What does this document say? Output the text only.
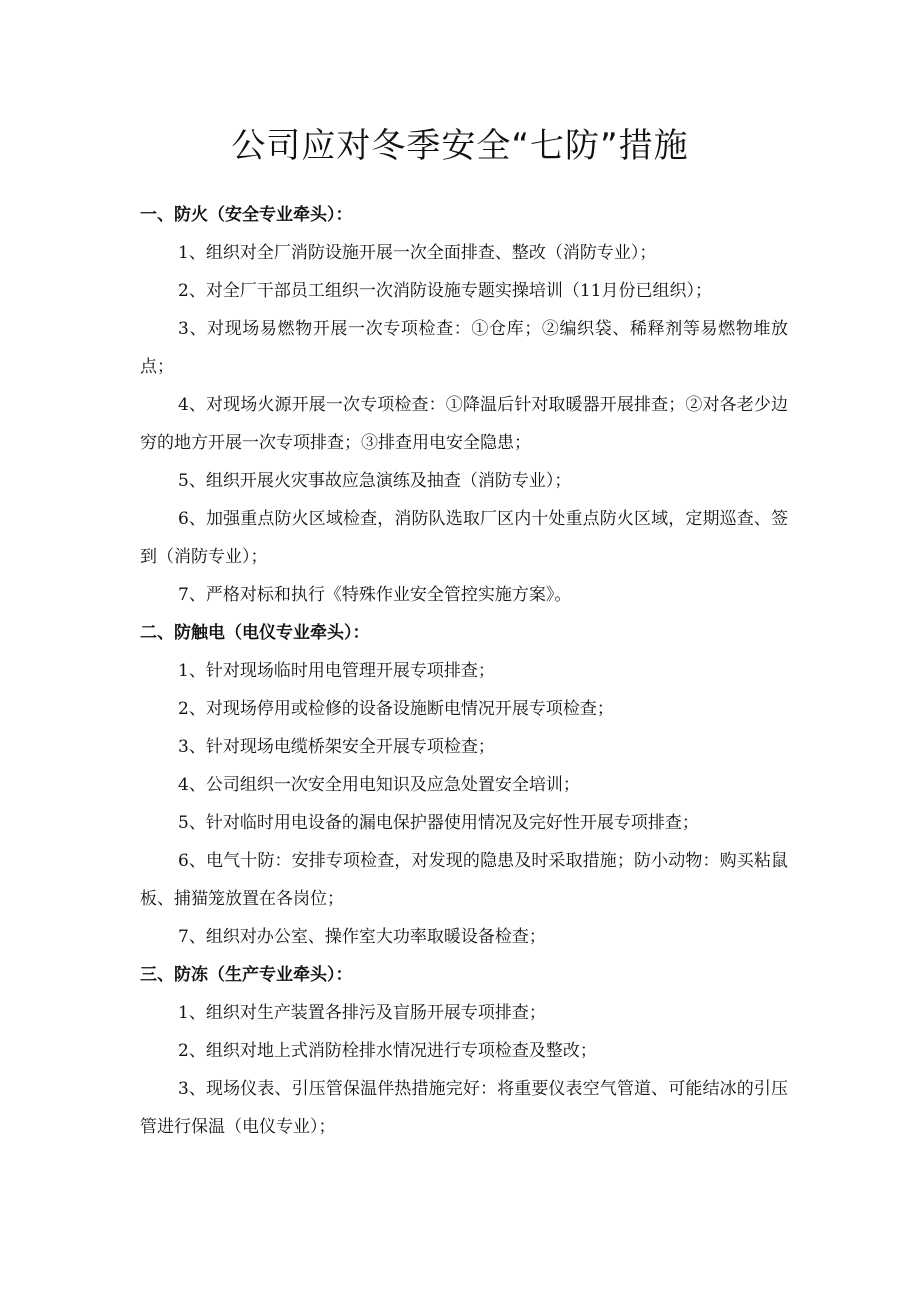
公司应对冬季安全“七防”措施

一、防火（安全专业牵头）：

1、组织对全厂消防设施开展一次全面排查、整改（消防专业）；

2、对全厂干部员工组织一次消防设施专题实操培训（11月份已组织）；

3、对现场易燃物开展一次专项检查：①仓库；②编织袋、稀释剂等易燃物堆放点；

4、对现场火源开展一次专项检查：①降温后针对取暖器开展排查；②对各老少边穷的地方开展一次专项排查；③排查用电安全隐患；

5、组织开展火灾事故应急演练及抽查（消防专业）；

6、加强重点防火区域检查，消防队选取厂区内十处重点防火区域，定期巡查、签到（消防专业）；

7、严格对标和执行《特殊作业安全管控实施方案》。

二、防触电（电仪专业牵头）：

1、针对现场临时用电管理开展专项排查；

2、对现场停用或检修的设备设施断电情况开展专项检查；

3、针对现场电缆桥架安全开展专项检查；

4、公司组织一次安全用电知识及应急处置安全培训；

5、针对临时用电设备的漏电保护器使用情况及完好性开展专项排查；

6、电气十防：安排专项检查，对发现的隐患及时采取措施；防小动物：购买粘鼠板、捕猫笼放置在各岗位；

7、组织对办公室、操作室大功率取暖设备检查；

三、防冻（生产专业牵头）：

1、组织对生产装置各排污及盲肠开展专项排查；

2、组织对地上式消防栓排水情况进行专项检查及整改；

3、现场仪表、引压管保温伴热措施完好：将重要仪表空气管道、可能结冰的引压管进行保温（电仪专业）；
